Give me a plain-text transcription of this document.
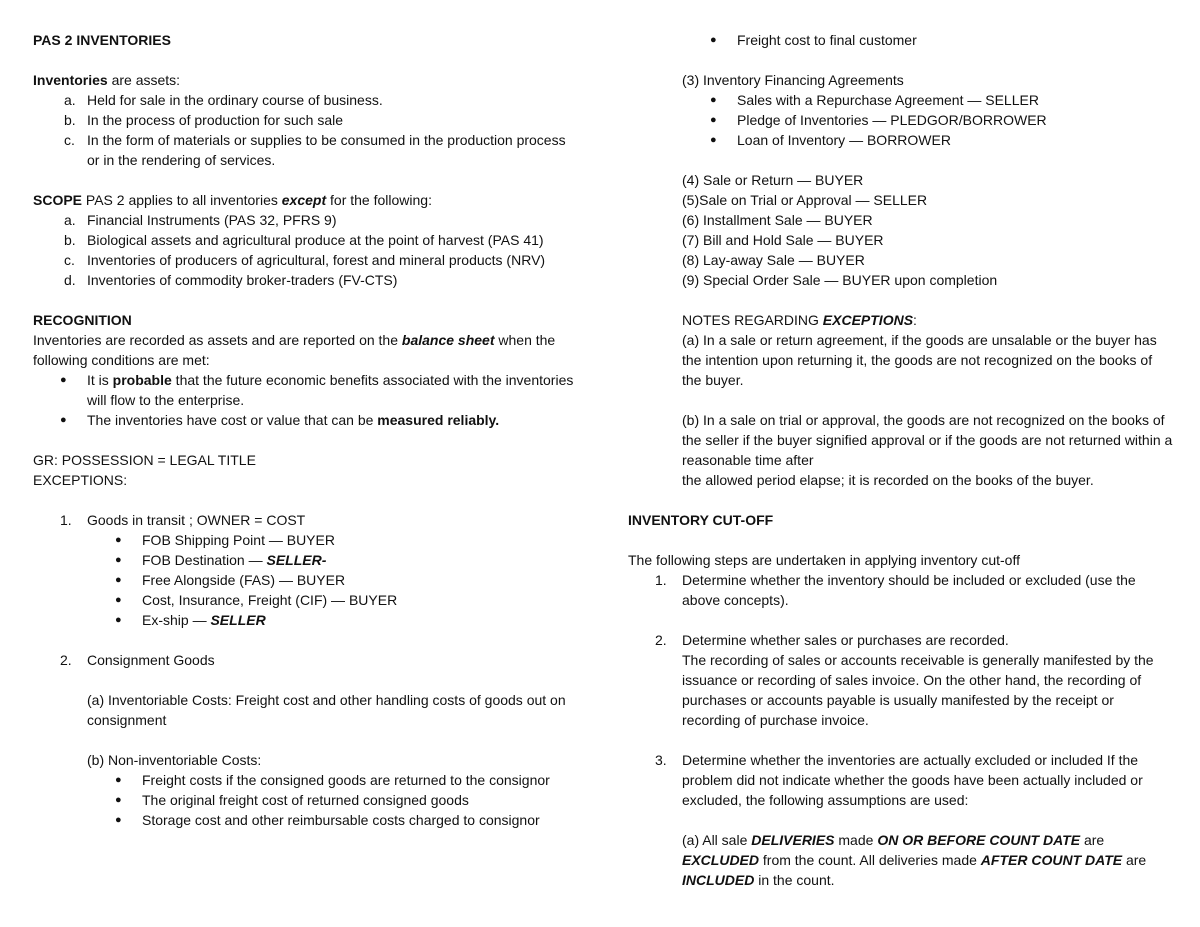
PAS 2 INVENTORIES

Inventories are assets:

a. Held for sale in the ordinary course of business.
b. In the process of production for such sale
c. In the form of materials or supplies to be consumed in the production process or in the rendering of services.

SCOPE PAS 2 applies to all inventories except for the following:

a. Financial Instruments (PAS 32, PFRS 9)
b. Biological assets and agricultural produce at the point of harvest (PAS 41)
c. Inventories of producers of agricultural, forest and mineral products (NRV)
d. Inventories of commodity broker-traders (FV-CTS)

RECOGNITION

Inventories are recorded as assets and are reported on the balance sheet when the following conditions are met:

● It is probable that the future economic benefits associated with the inventories will flow to the enterprise.
● The inventories have cost or value that can be measured reliably.

GR: POSSESSION = LEGAL TITLE

EXCEPTIONS:

1. Goods in transit ; OWNER = COST
● FOB Shipping Point — BUYER
● FOB Destination — SELLER-
● Free Alongside (FAS) — BUYER
● Cost, Insurance, Freight (CIF) — BUYER
● Ex-ship — SELLER
2. Consignment Goods

(a) Inventoriable Costs: Freight cost and other handling costs of goods out on consignment

(b) Non-inventoriable Costs:

● Freight costs if the consigned goods are returned to the consignor
● The original freight cost of returned consigned goods
● Storage cost and other reimbursable costs charged to consignor
● Freight cost to final customer

(3) Inventory Financing Agreements

● Sales with a Repurchase Agreement — SELLER
● Pledge of Inventories — PLEDGOR/BORROWER
● Loan of Inventory — BORROWER

(4) Sale or Return — BUYER

(5)Sale on Trial or Approval — SELLER

(6) Installment Sale — BUYER

(7) Bill and Hold Sale — BUYER

(8) Lay-away Sale — BUYER

(9) Special Order Sale — BUYER upon completion

NOTES REGARDING EXCEPTIONS:

(a) In a sale or return agreement, if the goods are unsalable or the buyer has the intention upon returning it, the goods are not recognized on the books of the buyer.

(b) In a sale on trial or approval, the goods are not recognized on the books of the seller if the buyer signified approval or if the goods are not returned within a reasonable time after

the allowed period elapse; it is recorded on the books of the buyer.

INVENTORY CUT-OFF

The following steps are undertaken in applying inventory cut-off

1. Determine whether the inventory should be included or excluded (use the above concepts).
2. Determine whether sales or purchases are recorded.

The recording of sales or accounts receivable is generally manifested by the issuance or recording of sales invoice. On the other hand, the recording of purchases or accounts payable is usually manifested by the receipt or recording of purchase invoice.

3. Determine whether the inventories are actually excluded or included If the problem did not indicate whether the goods have been actually included or excluded, the following assumptions are used:

(a) All sale DELIVERIES made ON OR BEFORE COUNT DATE are EXCLUDED from the count. All deliveries made AFTER COUNT DATE are INCLUDED in the count.
